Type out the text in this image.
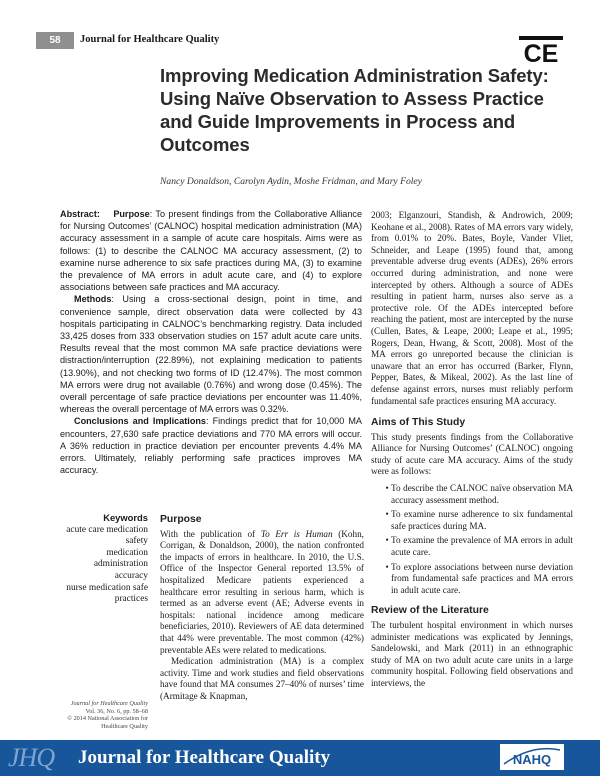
58	Journal for Healthcare Quality
CE
Improving Medication Administration Safety: Using Naïve Observation to Assess Practice and Guide Improvements in Process and Outcomes
Nancy Donaldson, Carolyn Aydin, Moshe Fridman, and Mary Foley

Abstract: Purpose: To present findings from the Collaborative Alliance for Nursing Outcomes’ (CALNOC) hospital medication administration (MA) accuracy assessment in a sample of acute care hospitals. Aims were as follows: (1) to describe the CALNOC MA accuracy assessment, (2) to examine nurse adherence to six safe practices during MA, (3) to examine the prevalence of MA errors in adult acute care, and (4) to explore associations between safe practices and MA accuracy.

Methods: Using a cross-sectional design, point in time, and convenience sample, direct observation data were collected by 43 hospitals participating in CALNOC’s benchmarking registry. Data included 33,425 doses from 333 observation studies on 157 adult acute care units. Results reveal that the most common MA safe practice deviations were distraction/interruption (22.89%), not explaining medication to patients (13.90%), and not checking two forms of ID (12.47%). The most common MA errors were drug not available (0.76%) and wrong dose (0.45%). The overall percentage of safe practice deviations per encounter was 11.40%, whereas the overall percentage of MA errors was 0.32%.

Conclusions and Implications: Findings predict that for 10,000 MA encounters, 27,630 safe practice deviations and 770 MA errors will occur. A 36% reduction in practice deviation per encounter prevents 4.4% MA errors. Ultimately, reliably performing safe practices improves MA accuracy.

Keywords
acute care medication
safety
medication
administration
accuracy
nurse medication safe
practices
Journal for Healthcare Quality
Vol. 36, No. 6, pp. 58–68
© 2014 National Association for
Healthcare Quality
Purpose

With the publication of To Err is Human (Kohn, Corrigan, & Donaldson, 2000), the nation confronted the impacts of errors in healthcare. In 2010, the U.S. Office of the Inspector General reported 13.5% of hospitalized Medicare patients experienced a healthcare error resulting in serious harm, which is termed as an adverse event (AE; Adverse events in hospitals: national incidence among medicare beneficiaries, 2010). Reviewers of AE data determined that 44% were preventable. The most common (42%) preventable AEs were related to medications.

Medication administration (MA) is a complex activity. Time and work studies and field observations have found that MA consumes 27–40% of nurses’ time (Armitage & Knapman,

2003; Elganzouri, Standish, & Androwich, 2009; Keohane et al., 2008). Rates of MA errors vary widely, from 0.01% to 20%. Bates, Boyle, Vander Vliet, Schneider, and Leape (1995) found that, among preventable adverse drug events (ADEs), 26% errors occurred during administration, and none were intercepted by others. Although a source of ADEs resulting in patient harm, nurses also serve as a protective role. Of the ADEs intercepted before reaching the patient, most are intercepted by the nurse (Cullen, Bates, & Leape, 2000; Leape et al., 1995; Rogers, Dean, Hwang, & Scott, 2008). Most of the MA errors go unreported because the clinician is unaware that an error has occurred (Barker, Flynn, Pepper, Bates, & Mikeal, 2002). As the last line of defense against errors, nurses must reliably perform fundamental safe practices ensuring MA accuracy.

Aims of This Study

This study presents findings from the Collaborative Alliance for Nursing Outcomes’ (CALNOC) ongoing study of acute care MA accuracy. Aims of the study were as follows:

• To describe the CALNOC naïve observation MA accuracy assessment method.
• To examine nurse adherence to six fundamental safe practices during MA.
• To examine the prevalence of MA errors in adult acute care.
• To explore associations between nurse deviation from fundamental safe practices and MA errors in adult acute care.
Review of the Literature

The turbulent hospital environment in which nurses administer medications was explicated by Jennings, Sandelowski, and Mark (2011) in an ethnographic study of MA on two adult acute care units in a large community hospital. Following field observations and interviews, the

JHQ Journal for Healthcare Quality	NAHQ
